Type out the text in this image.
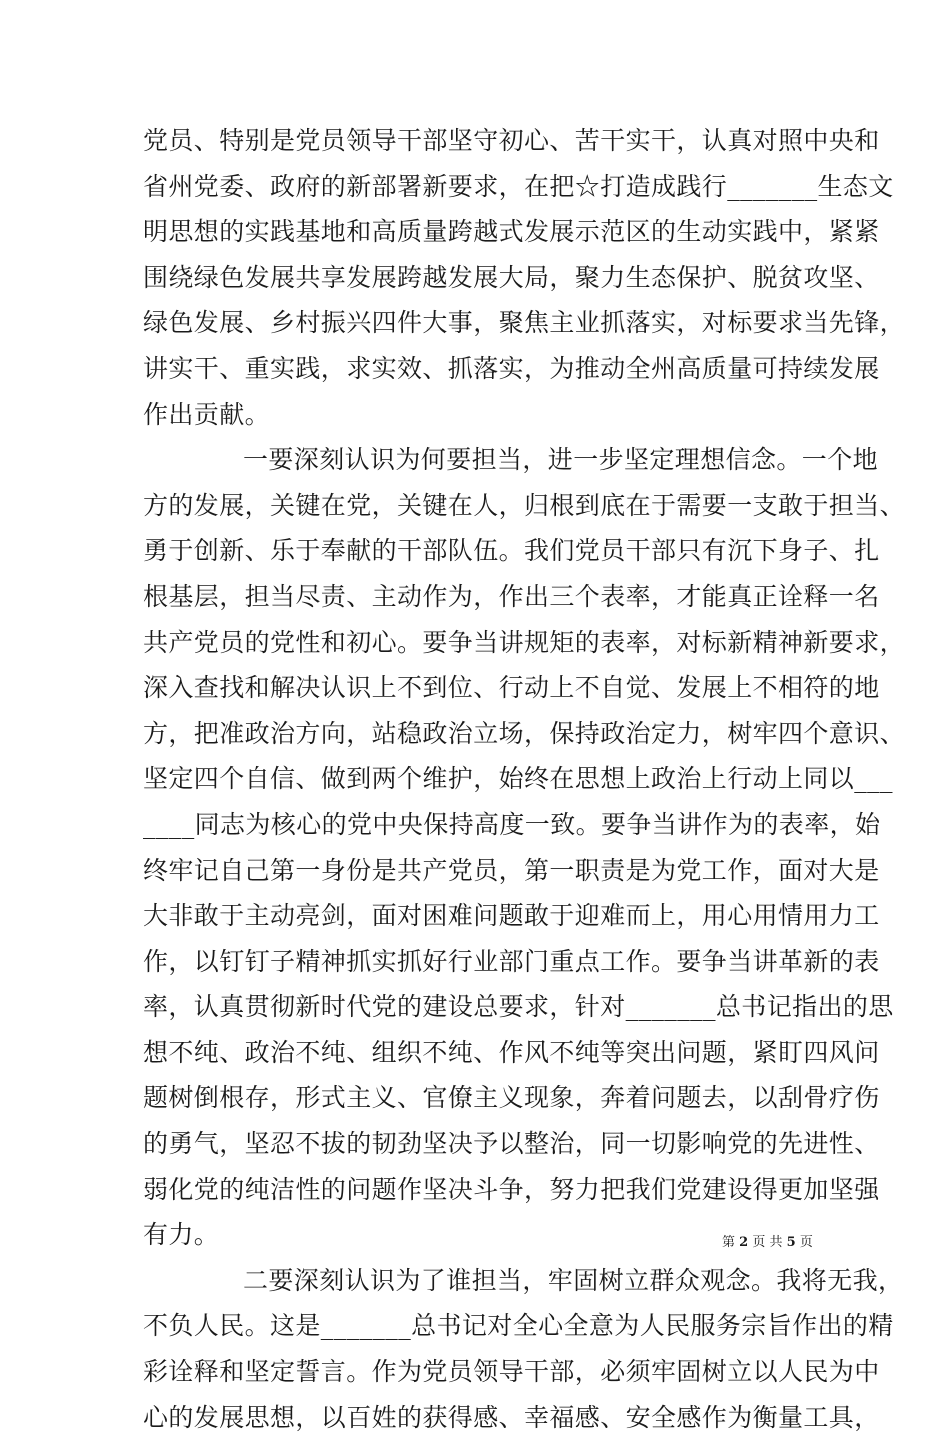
党员、特别是党员领导干部坚守初心、苦干实干，认真对照中央和
省州党委、政府的新部署新要求，在把☆打造成践行_______生态文
明思想的实践基地和高质量跨越式发展示范区的生动实践中，紧紧
围绕绿色发展共享发展跨越发展大局，聚力生态保护、脱贫攻坚、
绿色发展、乡村振兴四件大事，聚焦主业抓落实，对标要求当先锋，
讲实干、重实践，求实效、抓落实，为推动全州高质量可持续发展
作出贡献。
一要深刻认识为何要担当，进一步坚定理想信念。一个地
方的发展，关键在党，关键在人，归根到底在于需要一支敢于担当、
勇于创新、乐于奉献的干部队伍。我们党员干部只有沉下身子、扎
根基层，担当尽责、主动作为，作出三个表率，才能真正诠释一名
共产党员的党性和初心。要争当讲规矩的表率，对标新精神新要求，
深入查找和解决认识上不到位、行动上不自觉、发展上不相符的地
方，把准政治方向，站稳政治立场，保持政治定力，树牢四个意识、
坚定四个自信、做到两个维护，始终在思想上政治上行动上同以___
____同志为核心的党中央保持高度一致。要争当讲作为的表率，始
终牢记自己第一身份是共产党员，第一职责是为党工作，面对大是
大非敢于主动亮剑，面对困难问题敢于迎难而上，用心用情用力工
作，以钉钉子精神抓实抓好行业部门重点工作。要争当讲革新的表
率，认真贯彻新时代党的建设总要求，针对_______总书记指出的思
想不纯、政治不纯、组织不纯、作风不纯等突出问题，紧盯四风问
题树倒根存，形式主义、官僚主义现象，奔着问题去，以刮骨疗伤
的勇气，坚忍不拔的韧劲坚决予以整治，同一切影响党的先进性、
弱化党的纯洁性的问题作坚决斗争，努力把我们党建设得更加坚强
有力。
二要深刻认识为了谁担当，牢固树立群众观念。我将无我，
不负人民。这是_______总书记对全心全意为人民服务宗旨作出的精
彩诠释和坚定誓言。作为党员领导干部，必须牢固树立以人民为中
心的发展思想，以百姓的获得感、幸福感、安全感作为衡量工具，
第 2 页 共 5 页
